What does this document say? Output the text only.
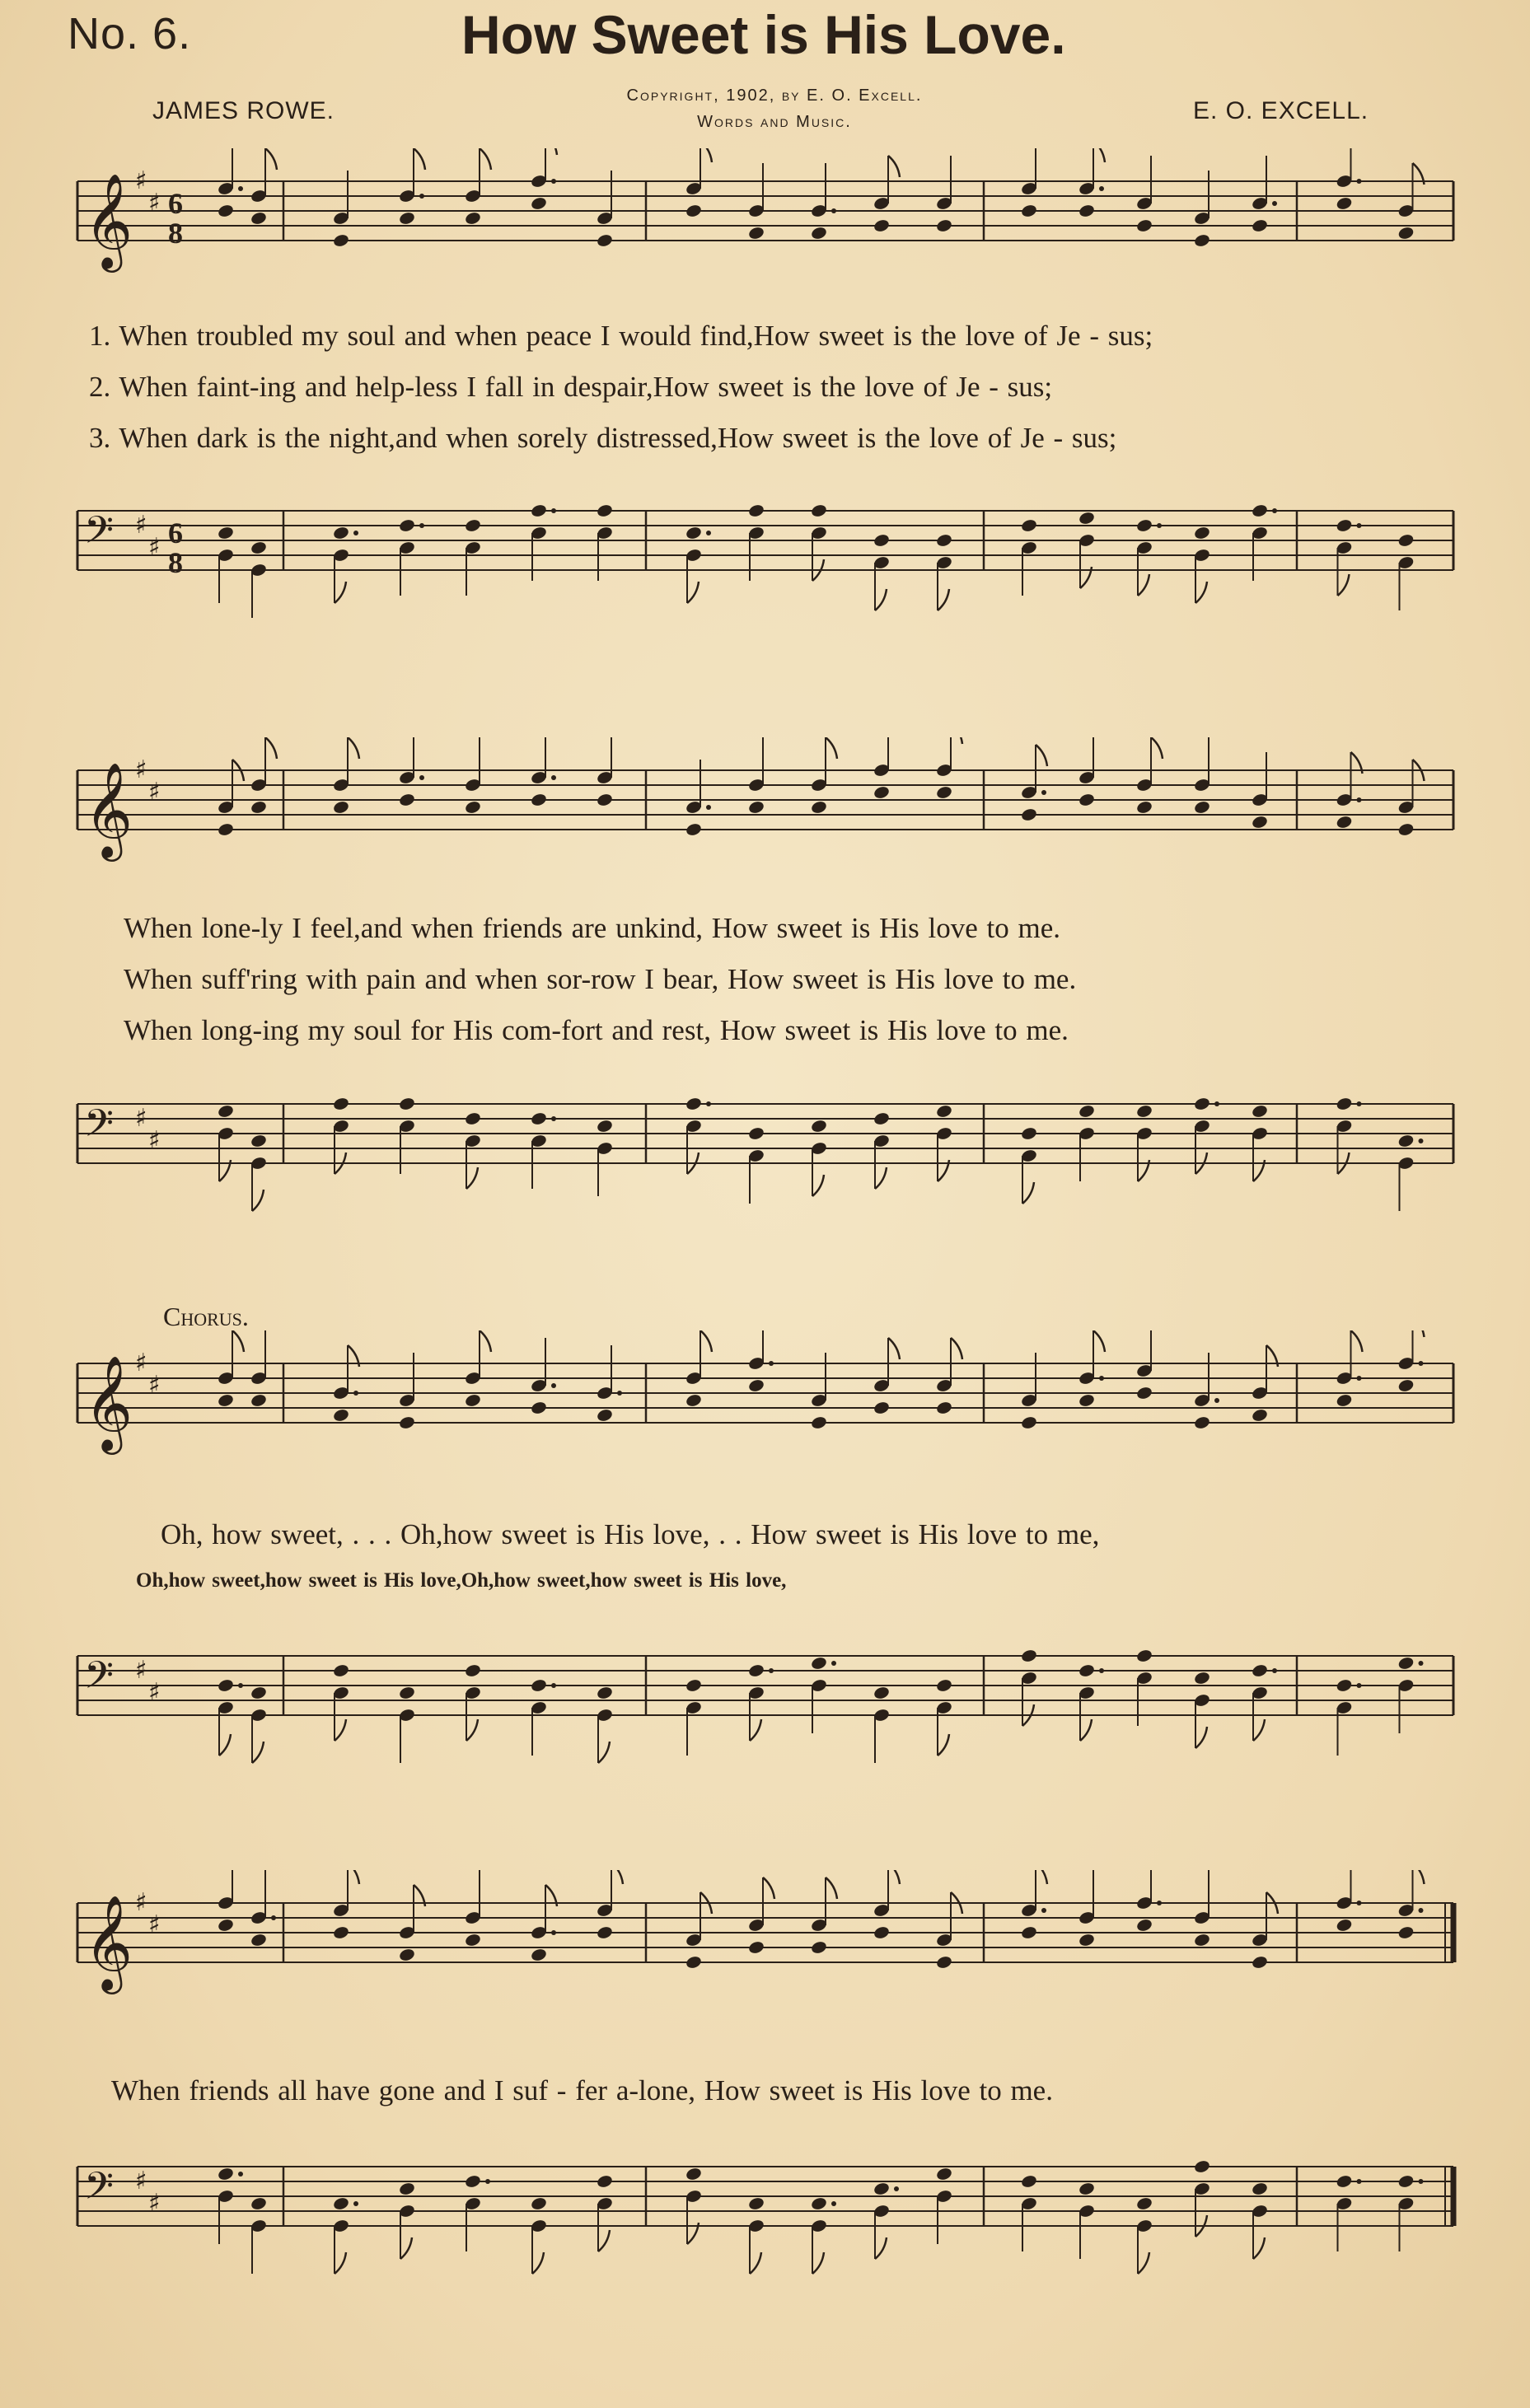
No. 6.	How Sweet is His Love.
Copyright, 1902, by E. O. Excell.
Words and Music.
JAMES ROWE.	E. O. EXCELL.
𝄞 ♯
♯ 6
8
1. When troubled my soul and when peace I would find,How sweet is the love of Je - sus;
2. When faint-ing and help-less I fall in despair,How sweet is the love of Je - sus;
3. When dark is the night,and when sorely distressed,How sweet is the love of Je - sus;
𝄢 ♯
♯ 6
8
𝄞 ♯
♯
When lone-ly I feel,and when friends are unkind, How sweet is His love to me.
When suff'ring with pain and when sor-row I bear, How sweet is His love to me.
When long-ing my soul for His com-fort and rest, How sweet is His love to me.
𝄢 ♯
♯
Chorus.
𝄞 ♯
♯
Oh, how sweet, . . . Oh,how sweet is His love, . . How sweet is His love to me,
Oh,how sweet,how sweet is His love,Oh,how sweet,how sweet is His love,
𝄢 ♯
♯
𝄞 ♯
♯
When friends all have gone and I suf - fer a-lone, How sweet is His love to me.
𝄢 ♯
♯
